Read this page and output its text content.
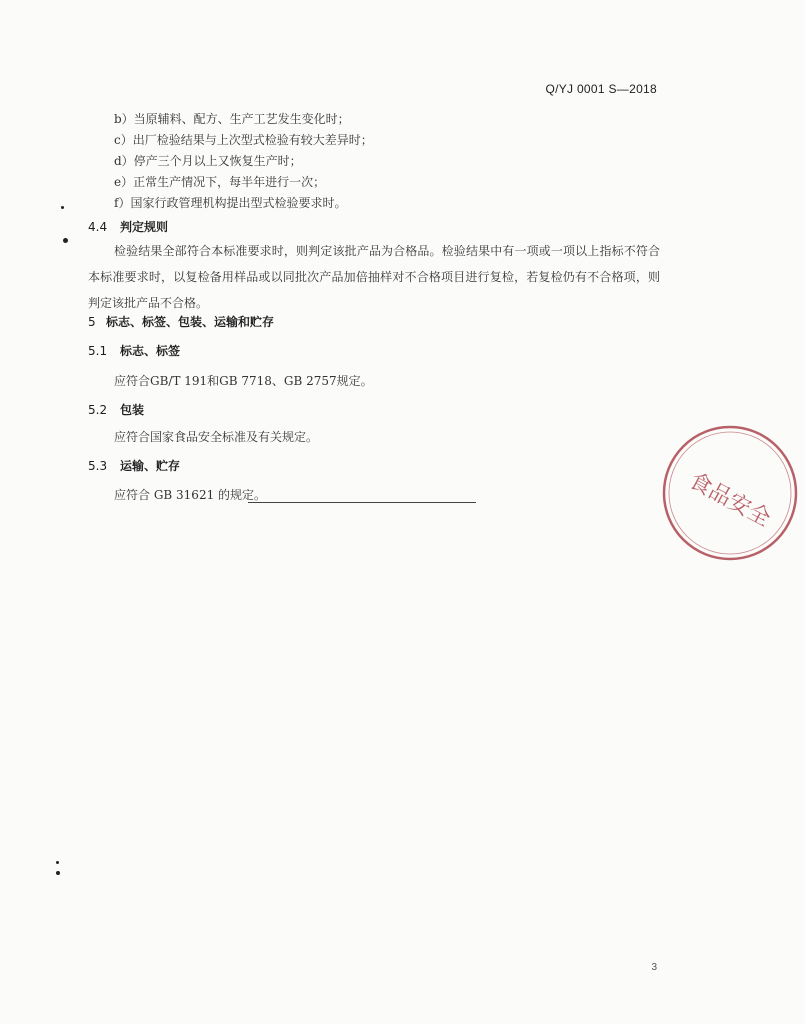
Q/YJ 0001 S—2018
b）当原辅料、配方、生产工艺发生变化时；
c）出厂检验结果与上次型式检验有较大差异时；
d）停产三个月以上又恢复生产时；
e）正常生产情况下，每半年进行一次；
f）国家行政管理机构提出型式检验要求时。
4.4 判定规则
检验结果全部符合本标准要求时，则判定该批产品为合格品。检验结果中有一项或一项以上指标不符合本标准要求时，以复检备用样品或以同批次产品加倍抽样对不合格项目进行复检，若复检仍有不合格项，则判定该批产品不合格。
5 标志、标签、包装、运输和贮存
5.1 标志、标签
应符合GB/T 191和GB 7718、GB 2757规定。
5.2 包装
应符合国家食品安全标准及有关规定。
5.3 运输、贮存
应符合 GB 31621 的规定。	食品安全
3
